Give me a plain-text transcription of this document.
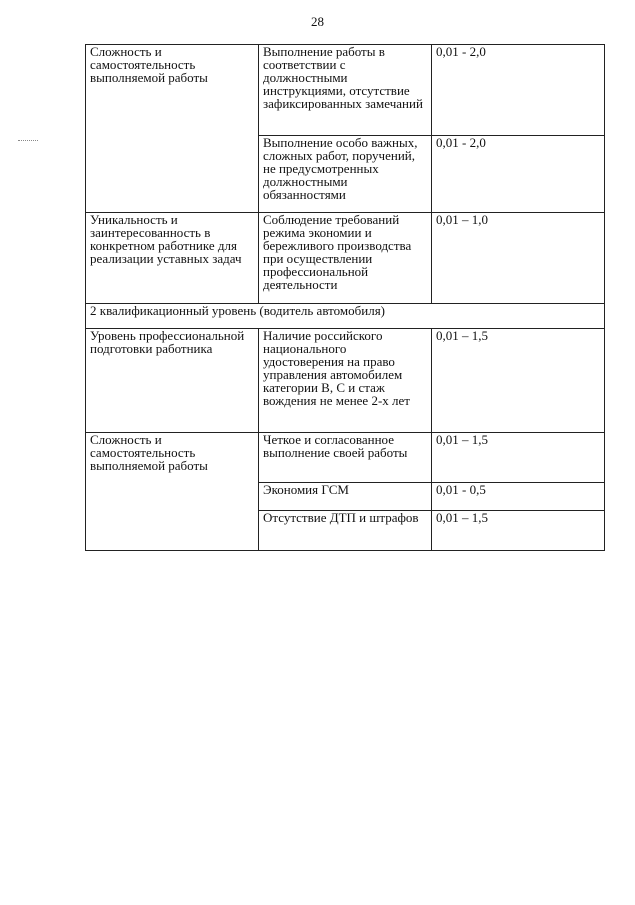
28
Сложность и самостоятельность выполняемой работы	Выполнение работы в соответствии с должностными инструкциями, отсутствие зафиксированных замечаний	0,01 - 2,0
	Выполнение особо важных, сложных работ, поручений, не предусмотренных должностными обязанностями	0,01 - 2,0
Уникальность и заинтересованность в конкретном работнике для реализации уставных задач	Соблюдение требований режима экономии и бережливого производства при осуществлении профессиональной деятельности	0,01 – 1,0
2 квалификационный уровень (водитель автомобиля)		
Уровень профессиональной подготовки работника	Наличие российского национального удостоверения на право управления автомобилем категории В, С и стаж вождения не менее 2-х лет	0,01 – 1,5
Сложность и самостоятельность выполняемой работы	Четкое и согласованное выполнение своей работы	0,01 – 1,5
	Экономия ГСМ	0,01 - 0,5
	Отсутствие ДТП и штрафов	0,01 – 1,5
